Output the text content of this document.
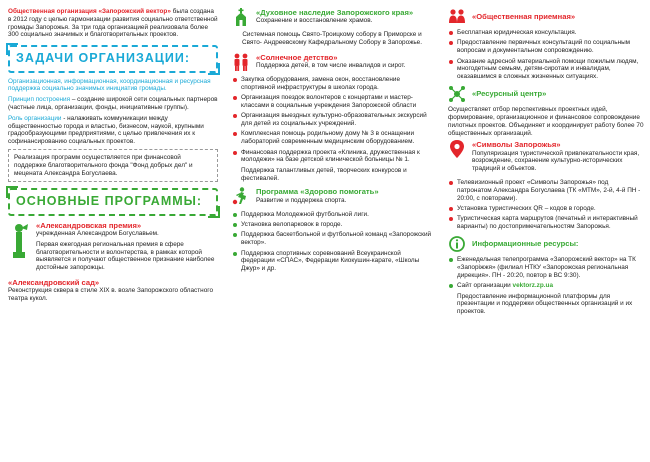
Общественная организация «Запорожский вектор» была создана в 2012 году с целью гармонизации развития социально ответственной громады Запорожья. За три года организацией реализовала более 300 социально значимых и благотворительных проектов.

ЗАДАЧИ ОРГАНИЗАЦИИ:

Организационная, информационная, координационная и ресурсная поддержка социально значимых инициатив громады.

Принцип построения – создание широкой сети социальных партнеров (частные лица, организации, фонды, инициативные группы).

Роль организации - налаживать коммуникации между общественностью города и властью, бизнесом, наукой, крупными градообразующими предприятиями, с целью привлечения их к софинансированию социальных проектов.

Реализация программ осуществляется при финансовой поддержке благотворительного фонда "Фонд добрых дел" и мецената Александра Богуслаева.
ОСНОВНЫЕ ПРОГРАММЫ:
«Александровская премия»

учрежденная Александром Богуславьем.

Первая ежегодная региональная премия в сфере благотворительности и волонтерства, в рамках которой выявляется и получают общественное признание наиболее достойные запорожцы.

«Александровский сад»

Реконструкция сквера в стиле XIX в. возле Запорожского областного театра кукол.

«Духовное наследие Запорожского края»

Сохранение и восстановление храмов.

Системная помощь Свято-Троицкому собору в Приморске и Свято- Андреевскому Кафедральному Собору в Запорожье.

«Солнечное детство»

Поддержка детей, в том числе инвалидов и сирот.

Закупка оборудования, замена окон, восстановление спортивной инфраструктуры в школах города.
Организация поездок волонтеров с концертами и мастер-классами в социальные учреждения Запорожской области
Организация выездных культурно-образовательных экскурсий для детей из социальных учреждений.
Комплексная помощь родильному дому № 3 в оснащении лабораторий современным медицинским оборудованием.
Финансовая поддержка проекта «Клиника, дружественная к молодежи» на базе детской клинической больницы № 1.
Поддержка талантливых детей, творческих конкурсов и фестивалей.
Программа «Здорово помогать»

Развитие и поддержка спорта.

Поддержка Молодежной футбольной лиги.
Установка велопарковок в городе.
Поддержка баскетбольной и футбольной команд «Запорожский вектор».
Поддержка спортивных соревнований Всеукраинской федерации «СПАС», Федерации Киокушин-карате, «Школы Джур» и др.
«Общественная приемная»
Бесплатная юридическая консультация.
Предоставление первичных консультаций по социальным вопросам и документальном сопровождению.
Оказание адресной материальной помощи пожилым людям, многодетным семьям, детям-сиротам и инвалидам, оказавшимся в сложных жизненных ситуациях.
«Ресурсный центр»

Осуществляет отбор перспективных проектных идей, формирование, организационное и финансовое сопровождение пилотных проектов. Объединяет и координирует работу более 70 общественных организаций.

«Символы Запорожья»

Популяризация туристической привлекательности края, возрождение, сохранение культурно-исторических традиций и объектов.

Телевизионный проект «Символы Запорожья» под патронатом Александра Богуслаева (ТК «МТМ», 2-й, 4-й ПН - 20:00, с повторами).
Установка туристических QR – кодов в городе.
Туристическая карта маршрутов (печатный и интерактивный варианты) по достопримечательностям Запорожья.
Информационные ресурсы:
Еженедельная телепрограмма «Запорожский вектор» на ТК «Запоріжжя» (филиал НТКУ «Запорожская региональная дирекция». ПН - 20:20, повтор в ВС 9:30).
Сайт организации vektorz.zp.ua
Предоставление информационной платформы для презентации и поддержки общественных организаций и их проектов.
